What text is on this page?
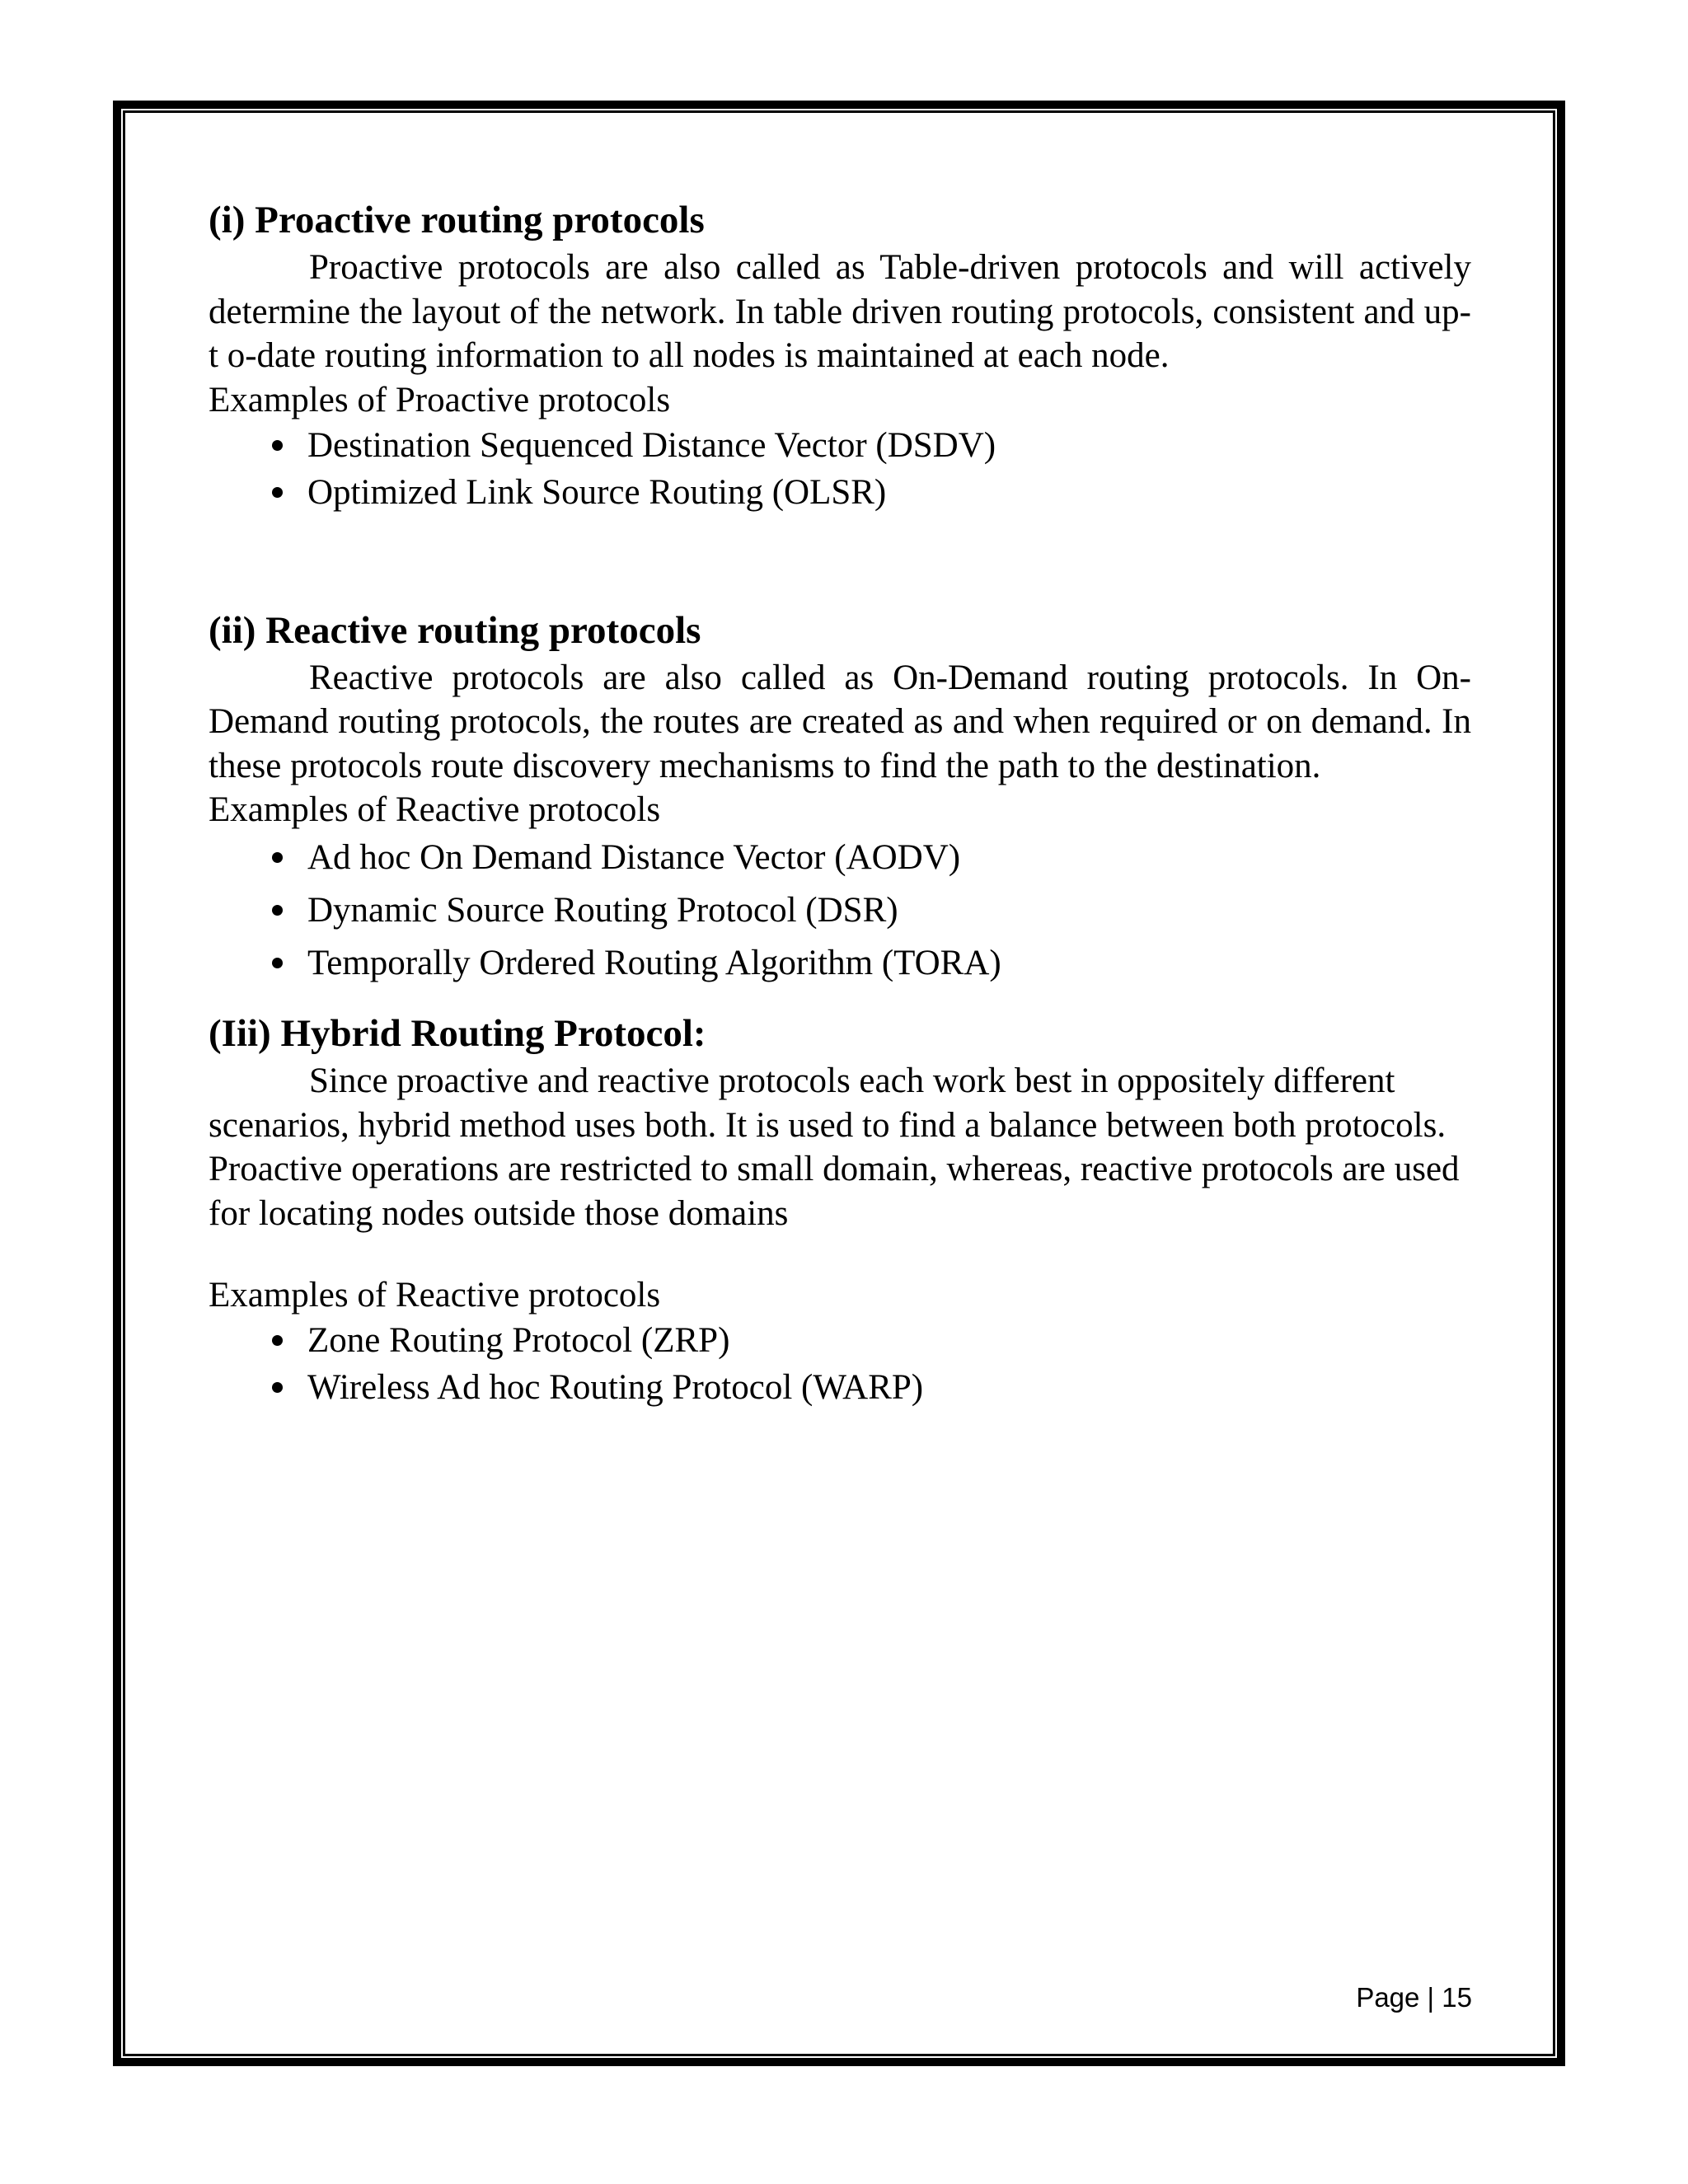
(i) Proactive routing protocols

Proactive protocols are also called as Table-driven protocols and will actively determine the layout of the network. In table driven routing protocols, consistent and up-t o-date routing information to all nodes is maintained at each node.

Examples of Proactive protocols

Destination Sequenced Distance Vector (DSDV)
Optimized Link Source Routing (OLSR)
(ii) Reactive routing protocols

Reactive protocols are also called as On-Demand routing protocols. In On-Demand routing protocols, the routes are created as and when required or on demand. In these protocols route discovery mechanisms to find the path to the destination.

Examples of Reactive protocols

Ad hoc On Demand Distance Vector (AODV)
Dynamic Source Routing Protocol (DSR)
Temporally Ordered Routing Algorithm (TORA)
(Iii) Hybrid Routing Protocol:

Since proactive and reactive protocols each work best in oppositely different scenarios, hybrid method uses both. It is used to find a balance between both protocols. Proactive operations are restricted to small domain, whereas, reactive protocols are used for locating nodes outside those domains

Examples of Reactive protocols

Zone Routing Protocol (ZRP)
Wireless Ad hoc Routing Protocol (WARP)
Page | 15
